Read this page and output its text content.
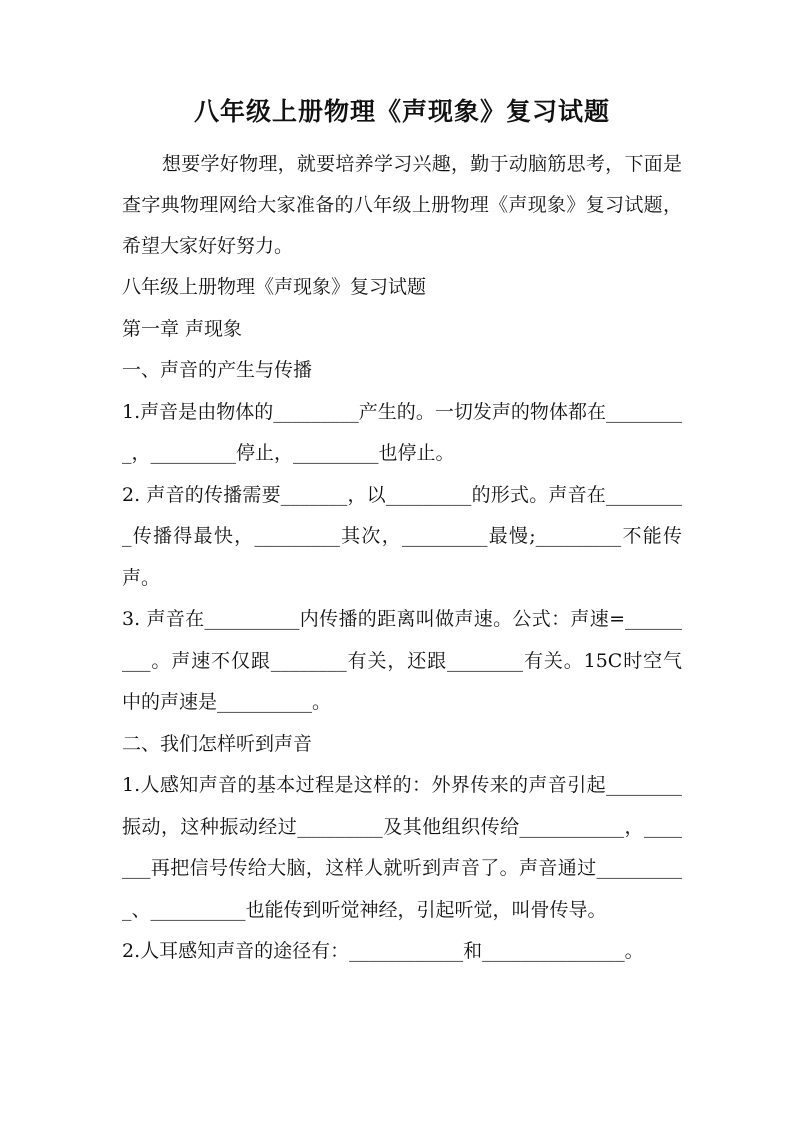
八年级上册物理《声现象》复习试题

想要学好物理，就要培养学习兴趣，勤于动脑筋思考，下面是查字典物理网给大家准备的八年级上册物理《声现象》复习试题，希望大家好好努力。

八年级上册物理《声现象》复习试题

第一章 声现象

一、声音的产生与传播

1.声音是由物体的_________产生的。一切发声的物体都在_________，_________停止，_________也停止。

2. 声音的传播需要_______，以_________的形式。声音在_________传播得最快，_________其次，_________最慢;_________不能传声。

3. 声音在__________内传播的距离叫做声速。公式：声速=_________。声速不仅跟________有关，还跟________有关。15C时空气中的声速是__________。

二、我们怎样听到声音

1.人感知声音的基本过程是这样的：外界传来的声音引起________振动，这种振动经过_________及其他组织传给___________，_______再把信号传给大脑，这样人就听到声音了。声音通过__________、__________也能传到听觉神经，引起听觉，叫骨传导。

2.人耳感知声音的途径有：____________和_______________。
